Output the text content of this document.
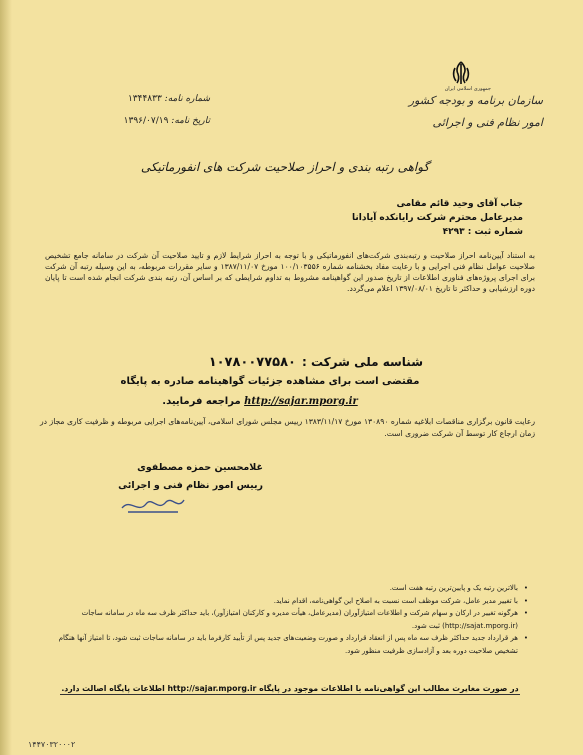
جمهوری اسلامی ایران
سازمان برنامه و بودجه کشور
امور نظام فنی و اجرائی
شماره نامه: ۱۳۴۴۸۳۳
تاریخ نامه: ۱۳۹۶/۰۷/۱۹
گواهی رتبه بندی و احراز صلاحیت شرکت های انفورماتیکی
جناب آقای وحید قائم مقامی
مدیرعامل محترم شرکت رایانکده آیادانا
شماره ثبت : ۴۲۹۳
به استناد آیین‌نامه احراز صلاحیت و رتبه‌بندی شرکت‌های انفورماتیکی و با توجه به احراز شرایط لازم و تایید صلاحیت آن شرکت در سامانه جامع تشخیص صلاحیت عوامل نظام فنی اجرایی و با رعایت مفاد بخشنامه شماره ۱۰۰/۱۰۳۵۵۶ مورخ ۱۳۸۷/۱۱/۰۷ و سایر مقررات مربوطه، به این وسیله رتبه آن شرکت برای اجرای پروژه‌های فناوری اطلاعات از تاریخ صدور این گواهینامه مشروط به تداوم شرایطی که بر اساس آن، رتبه بندی شرکت انجام شده است تا پایان دوره ارزشیابی و حداکثر تا تاریخ ۱۳۹۷/۰۸/۰۱ اعلام می‌گردد.
شناسه ملی شرکت :۱۰۷۸۰۰۷۷۵۸۰
مقتضی است برای مشاهده جزئیات گواهینامه صادره به پایگاه
http://sajar.mporg.ir مراجعه فرمایید.
رعایت قانون برگزاری مناقصات ابلاغیه شماره ۱۳۰۸۹۰ مورخ ۱۳۸۳/۱۱/۱۷ رییس مجلس شورای اسلامی، آیین‌نامه‌های اجرایی مربوطه و ظرفیت کاری مجاز در زمان ارجاع کار توسط آن شرکت ضروری است.
غلامحسین حمزه مصطفوی
رییس امور نظام فنی و اجرائی
• بالاترین رتبه یک و پایین‌ترین رتبه هفت است.
• با تغییر مدیر عامل، شرکت موظف است نسبت به اصلاح این گواهی‌نامه، اقدام نماید.
• هرگونه تغییر در ارکان و سهام شرکت و اطلاعات امتیازآوران (مدیرعامل، هیأت مدیره و کارکنان امتیازآور)، باید حداکثر ظرف سه ماه در سامانه ساجات (http://sajat.mporg.ir) ثبت شود.
• هر قرارداد جدید حداکثر ظرف سه ماه پس از انعقاد قرارداد و صورت وضعیت‌های جدید پس از تأیید کارفرما باید در سامانه ساجات ثبت شود، تا امتیاز آنها هنگام تشخیص صلاحیت دوره بعد و آزادسازی ظرفیت منظور شود.
در صورت مغایرت مطالب این گواهی‌نامه با اطلاعات موجود در پایگاه http://sajar.mporg.ir اطلاعات پایگاه اصالت دارد.
۱۴۴۷۰۳۲۰۰۰۲
